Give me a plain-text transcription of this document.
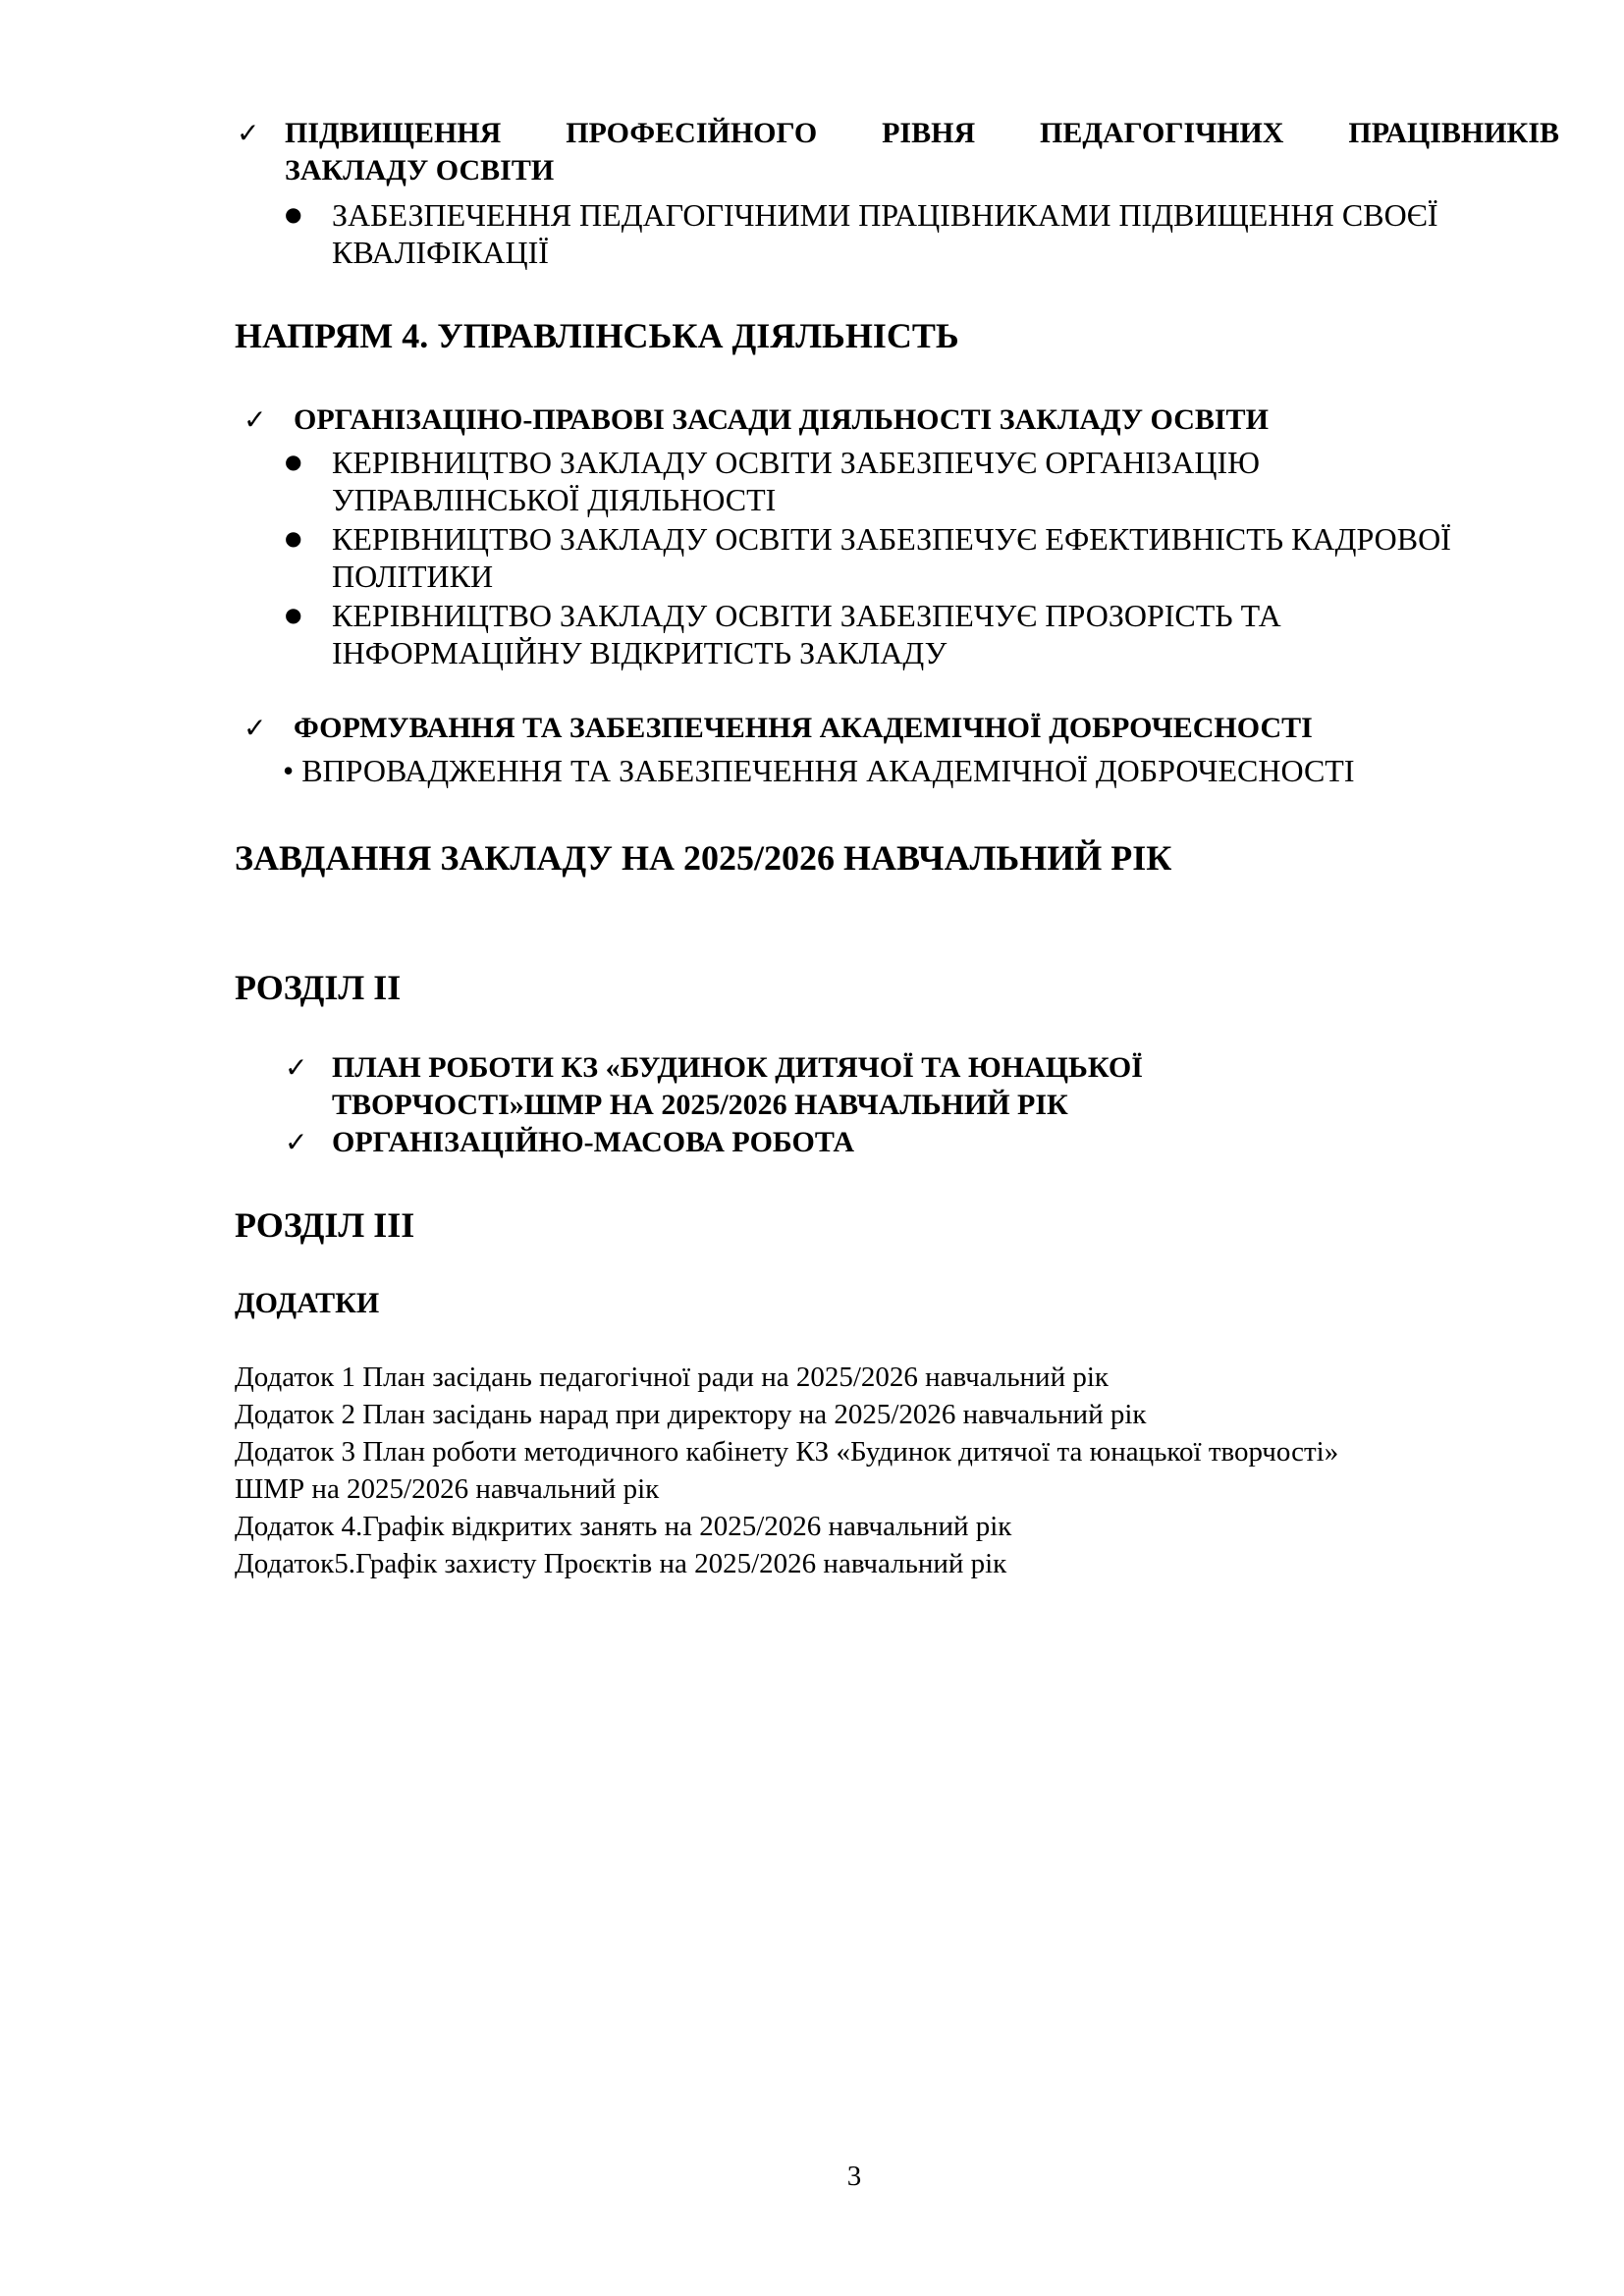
✓ ПІДВИЩЕННЯ ПРОФЕСІЙНОГО РІВНЯ ПЕДАГОГІЧНИХ ПРАЦІВНИКІВ
ЗАКЛАДУ ОСВІТИ
● ЗАБЕЗПЕЧЕННЯ ПЕДАГОГІЧНИМИ ПРАЦІВНИКАМИ ПІДВИЩЕННЯ СВОЄЇ
КВАЛІФІКАЦІЇ
НАПРЯМ 4. УПРАВЛІНСЬКА ДІЯЛЬНІСТЬ
✓ ОРГАНІЗАЦІНО-ПРАВОВІ ЗАСАДИ ДІЯЛЬНОСТІ ЗАКЛАДУ ОСВІТИ
● КЕРІВНИЦТВО ЗАКЛАДУ ОСВІТИ ЗАБЕЗПЕЧУЄ ОРГАНІЗАЦІЮ
УПРАВЛІНСЬКОЇ ДІЯЛЬНОСТІ
● КЕРІВНИЦТВО ЗАКЛАДУ ОСВІТИ ЗАБЕЗПЕЧУЄ ЕФЕКТИВНІСТЬ КАДРОВОЇ
ПОЛІТИКИ
● КЕРІВНИЦТВО ЗАКЛАДУ ОСВІТИ ЗАБЕЗПЕЧУЄ ПРОЗОРІСТЬ ТА
ІНФОРМАЦІЙНУ ВІДКРИТІСТЬ ЗАКЛАДУ
✓ ФОРМУВАННЯ ТА ЗАБЕЗПЕЧЕННЯ АКАДЕМІЧНОЇ ДОБРОЧЕСНОСТІ
• ВПРОВАДЖЕННЯ ТА ЗАБЕЗПЕЧЕННЯ АКАДЕМІЧНОЇ ДОБРОЧЕСНОСТІ
ЗАВДАННЯ ЗАКЛАДУ НА 2025/2026 НАВЧАЛЬНИЙ РІК
РОЗДІЛ ІІ
✓ ПЛАН РОБОТИ КЗ «БУДИНОК ДИТЯЧОЇ ТА ЮНАЦЬКОЇ
ТВОРЧОСТІ»ШМР НА 2025/2026 НАВЧАЛЬНИЙ РІК
✓ ОРГАНІЗАЦІЙНО-МАСОВА РОБОТА
РОЗДІЛ ІІІ
ДОДАТКИ
Додаток 1 План засідань педагогічної ради на 2025/2026 навчальний рік
Додаток 2 План засідань нарад при директору на 2025/2026 навчальний рік
Додаток 3 План роботи методичного кабінету КЗ «Будинок дитячої та юнацької творчості»
ШМР на 2025/2026 навчальний рік
Додаток 4.Графік відкритих занять на 2025/2026 навчальний рік
Додаток5.Графік захисту Проєктів на 2025/2026 навчальний рік
3
